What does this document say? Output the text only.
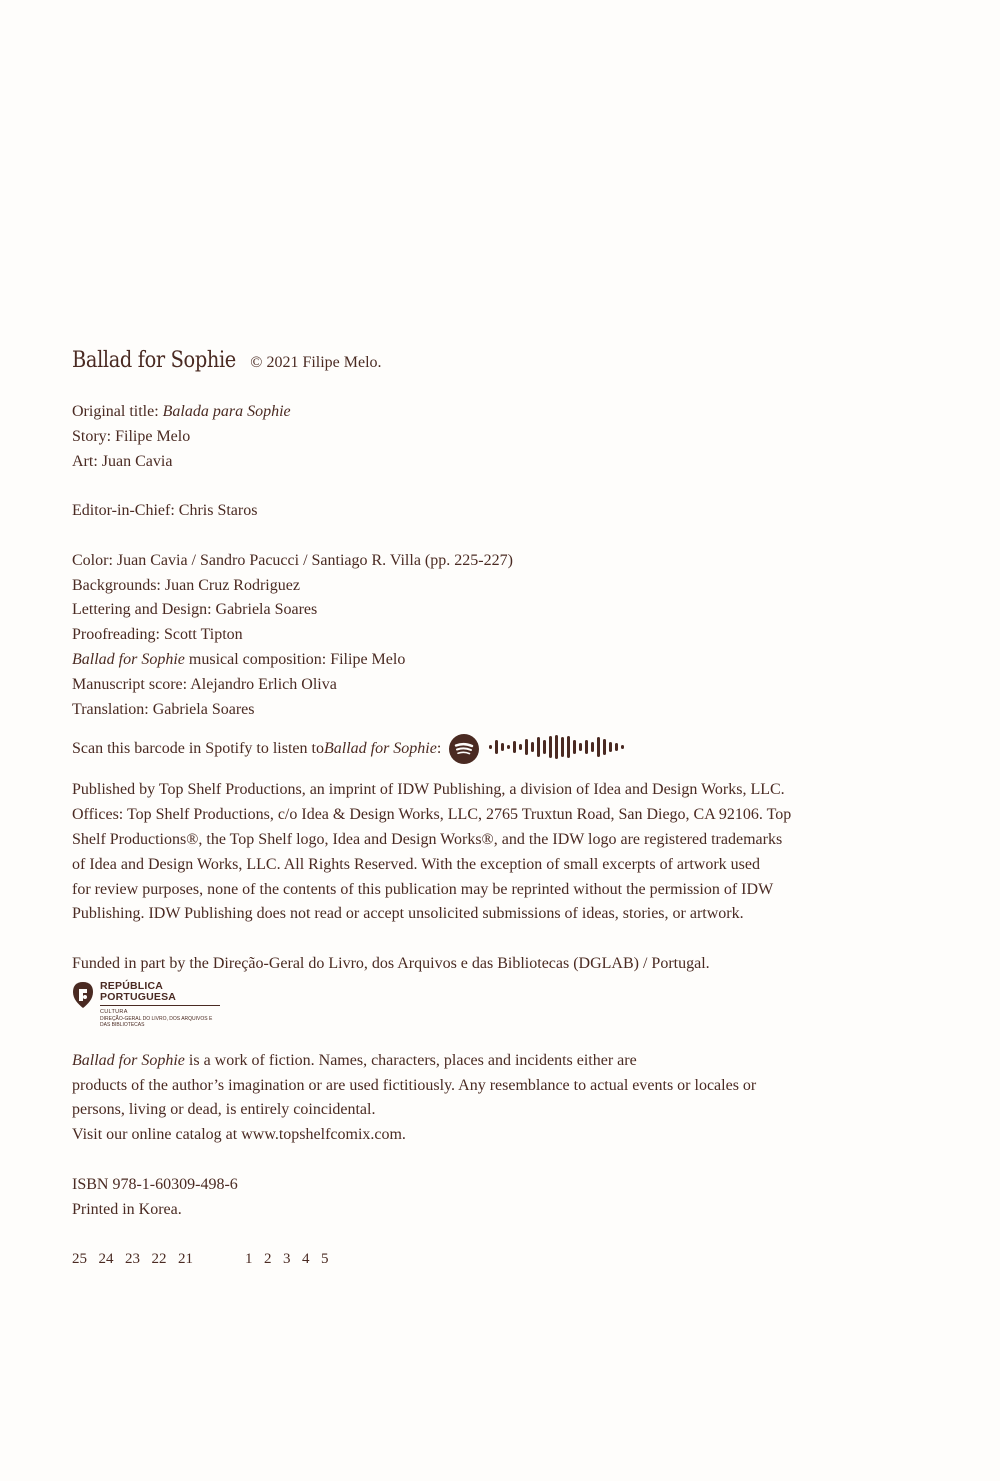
Ballad for Sophie © 2021 Filipe Melo.

Original title: Balada para Sophie

Story: Filipe Melo

Art: Juan Cavia

Editor-in-Chief: Chris Staros

Color: Juan Cavia / Sandro Pacucci / Santiago R. Villa (pp. 225-227)

Backgrounds: Juan Cruz Rodriguez

Lettering and Design: Gabriela Soares

Proofreading: Scott Tipton

Ballad for Sophie musical composition: Filipe Melo

Manuscript score: Alejandro Erlich Oliva

Translation: Gabriela Soares

Scan this barcode in Spotify to listen to Ballad for Sophie :

Published by Top Shelf Productions, an imprint of IDW Publishing, a division of Idea and Design Works, LLC.

Offices: Top Shelf Productions, c/o Idea & Design Works, LLC, 2765 Truxtun Road, San Diego, CA 92106. Top

Shelf Productions®, the Top Shelf logo, Idea and Design Works®, and the IDW logo are registered trademarks

of Idea and Design Works, LLC. All Rights Reserved. With the exception of small excerpts of artwork used

for review purposes, none of the contents of this publication may be reprinted without the permission of IDW

Publishing. IDW Publishing does not read or accept unsolicited submissions of ideas, stories, or artwork.

Funded in part by the Direção-Geral do Livro, dos Arquivos e das Bibliotecas (DGLAB) / Portugal.

REPÚBLICA
PORTUGUESA
CULTURA
DIREÇÃO-GERAL DO LIVRO, DOS ARQUIVOS E DAS BIBLIOTECAS

Ballad for Sophie is a work of fiction. Names, characters, places and incidents either are

products of the author’s imagination or are used fictitiously. Any resemblance to actual events or locales or

persons, living or dead, is entirely coincidental.

Visit our online catalog at www.topshelfcomix.com.

ISBN 978-1-60309-498-6

Printed in Korea.

25  24  23  22  21	1  2  3  4  5
